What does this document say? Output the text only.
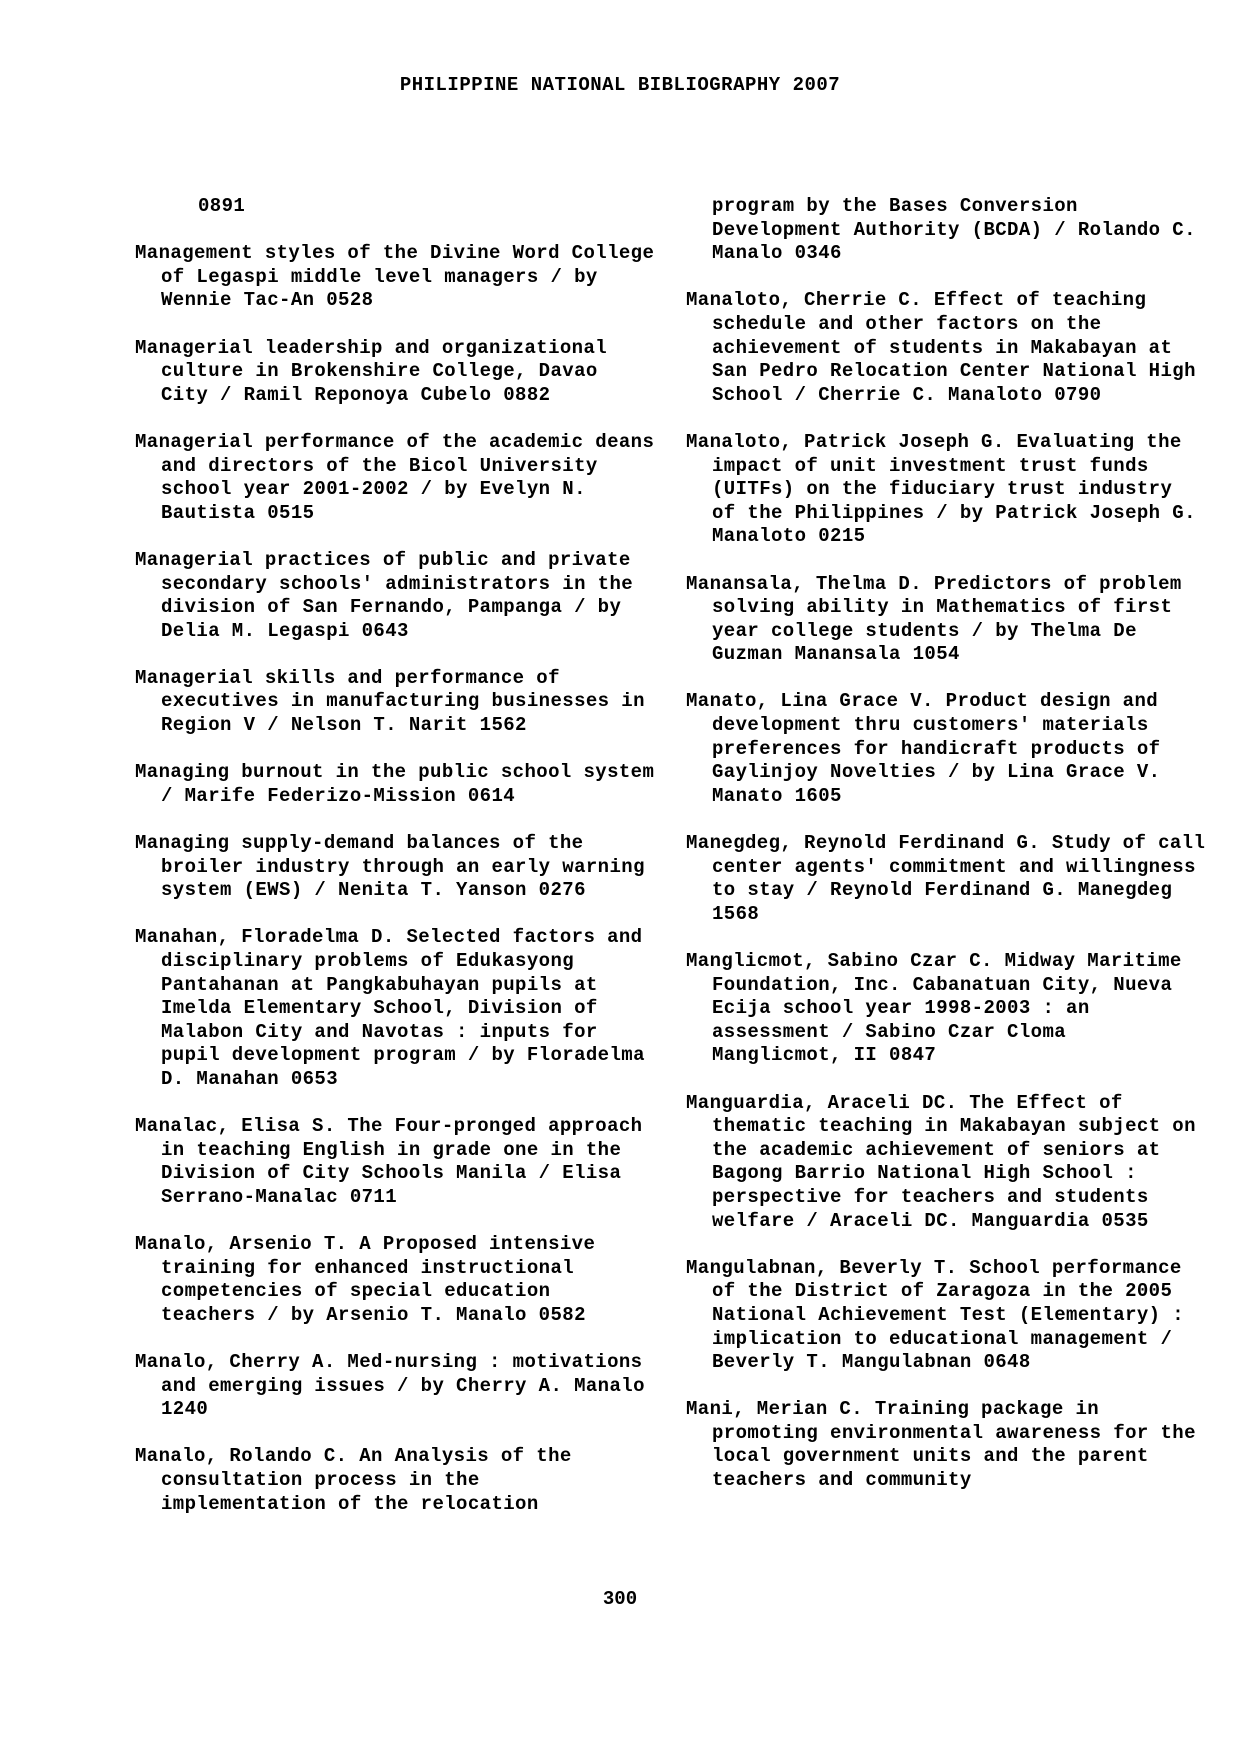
PHILIPPINE NATIONAL BIBLIOGRAPHY 2007

0891

Management styles of the Divine Word College of Legaspi middle level managers / by Wennie Tac-An 0528

Managerial leadership and organizational culture in Brokenshire College, Davao City / Ramil Reponoya Cubelo 0882

Managerial performance of the academic deans and directors of the Bicol University school year 2001-2002 / by Evelyn N. Bautista 0515

Managerial practices of public and private secondary schools' administrators in the division of San Fernando, Pampanga / by Delia M. Legaspi 0643

Managerial skills and performance of executives in manufacturing businesses in Region V / Nelson T. Narit 1562

Managing burnout in the public school system / Marife Federizo-Mission 0614

Managing supply-demand balances of the broiler industry through an early warning system (EWS) / Nenita T. Yanson 0276

Manahan, Floradelma D. Selected factors and disciplinary problems of Edukasyong Pantahanan at Pangkabuhayan pupils at Imelda Elementary School, Division of Malabon City and Navotas : inputs for pupil development program / by Floradelma D. Manahan 0653

Manalac, Elisa S. The Four-pronged approach in teaching English in grade one in the Division of City Schools Manila / Elisa Serrano-Manalac 0711

Manalo, Arsenio T. A Proposed intensive training for enhanced instructional competencies of special education teachers / by Arsenio T. Manalo 0582

Manalo, Cherry A. Med-nursing : motivations and emerging issues / by Cherry A. Manalo 1240

Manalo, Rolando C. An Analysis of the consultation process in the implementation of the relocation

program by the Bases Conversion Development Authority (BCDA) / Rolando C. Manalo 0346

Manaloto, Cherrie C. Effect of teaching schedule and other factors on the achievement of students in Makabayan at San Pedro Relocation Center National High School / Cherrie C. Manaloto 0790

Manaloto, Patrick Joseph G. Evaluating the impact of unit investment trust funds (UITFs) on the fiduciary trust industry of the Philippines / by Patrick Joseph G. Manaloto 0215

Manansala, Thelma D. Predictors of problem solving ability in Mathematics of first year college students / by Thelma De Guzman Manansala 1054

Manato, Lina Grace V. Product design and development thru customers' materials preferences for handicraft products of Gaylinjoy Novelties / by Lina Grace V. Manato 1605

Manegdeg, Reynold Ferdinand G. Study of call center agents' commitment and willingness to stay / Reynold Ferdinand G. Manegdeg 1568

Manglicmot, Sabino Czar C. Midway Maritime Foundation, Inc. Cabanatuan City, Nueva Ecija school year 1998-2003 : an assessment / Sabino Czar Cloma Manglicmot, II 0847

Manguardia, Araceli DC. The Effect of thematic teaching in Makabayan subject on the academic achievement of seniors at Bagong Barrio National High School : perspective for teachers and students welfare / Araceli DC. Manguardia 0535

Mangulabnan, Beverly T. School performance of the District of Zaragoza in the 2005 National Achievement Test (Elementary) : implication to educational management / Beverly T. Mangulabnan 0648

Mani, Merian C. Training package in promoting environmental awareness for the local government units and the parent teachers and community

300
